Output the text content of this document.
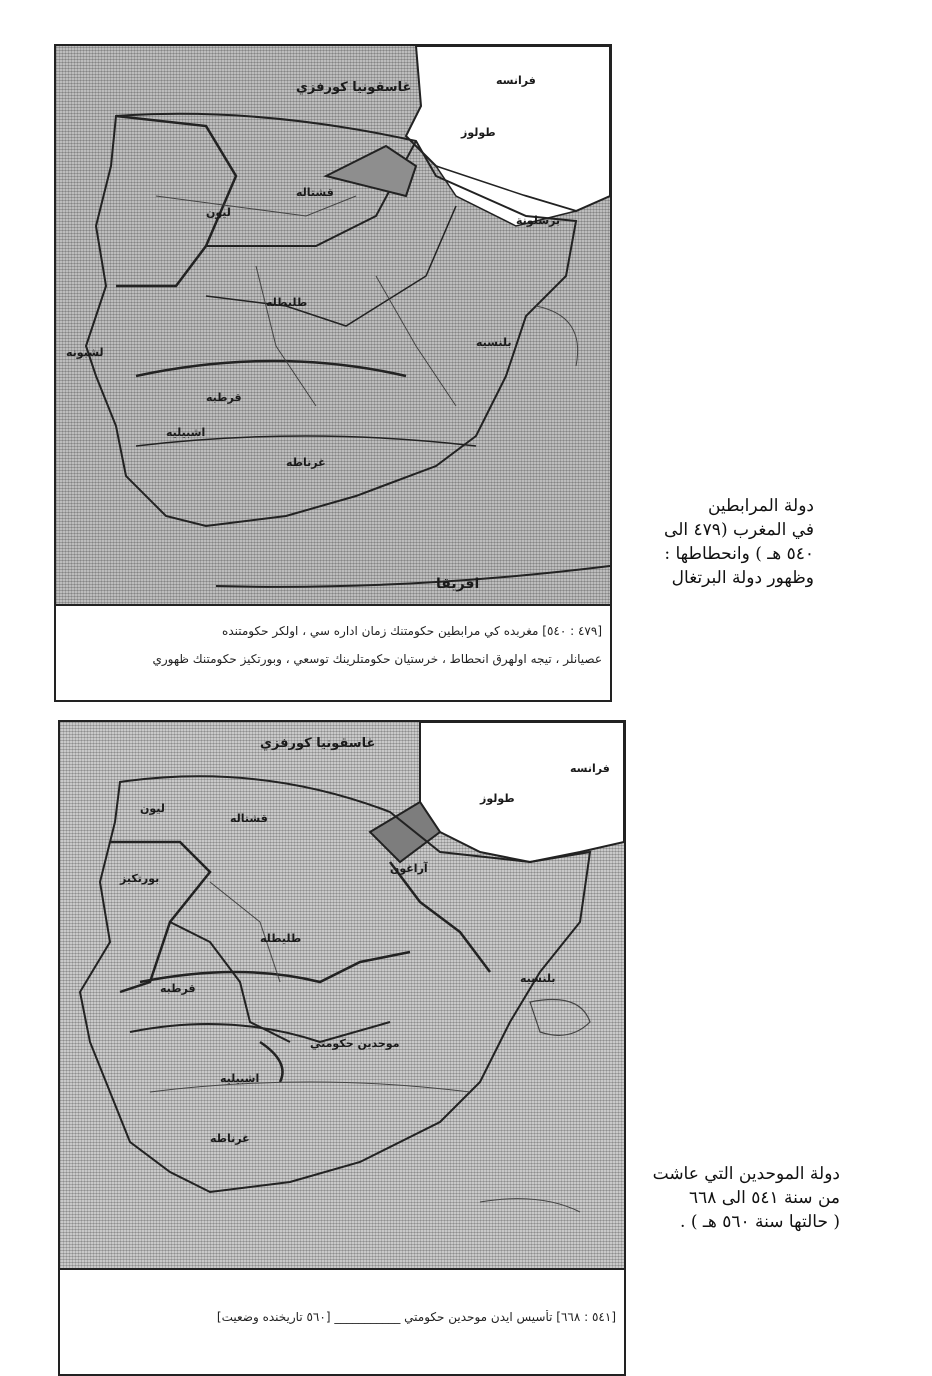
غاسقونيا كورفزي	فرانسه
طولوز
برشلونة
قشتاله
ليون
طليطله
بلنسيه
قرطبه
غرناطه
اشبيليه
لشبونه
افريقا
[٤٧٩ : ٥٤٠] مغربده كي مرابطين حكومتنك زمان اداره سي ، اولكر حكومتنده
عصيانلر ، تيجه اولهرق انحطاط ، خرستيان حكومتلرينك توسعي ، وبورتكيز حكومتنك ظهوري
دولة المرابطين
في المغرب (٤٧٩ الى
٥٤٠ هـ ) وانحطاطها :
وظهور دولة البرتغال
غاسقونيا كورفزي
فرانسه
طولوز
آراغون
قشتاله
ليون
بورتكيز
طليطله
بلنسيه
قرطبه
موحدين حكومتي
اشبيليه
غرناطه
[٥٤١ : ٦٦٨] تأسيس ايدن موحدين حكومتي ___________ [٥٦٠ تاريخنده وضعيت]
دولة الموحدين التي عاشت
من سنة ٥٤١ الى ٦٦٨
( حالتها سنة ٥٦٠ هـ ) .
